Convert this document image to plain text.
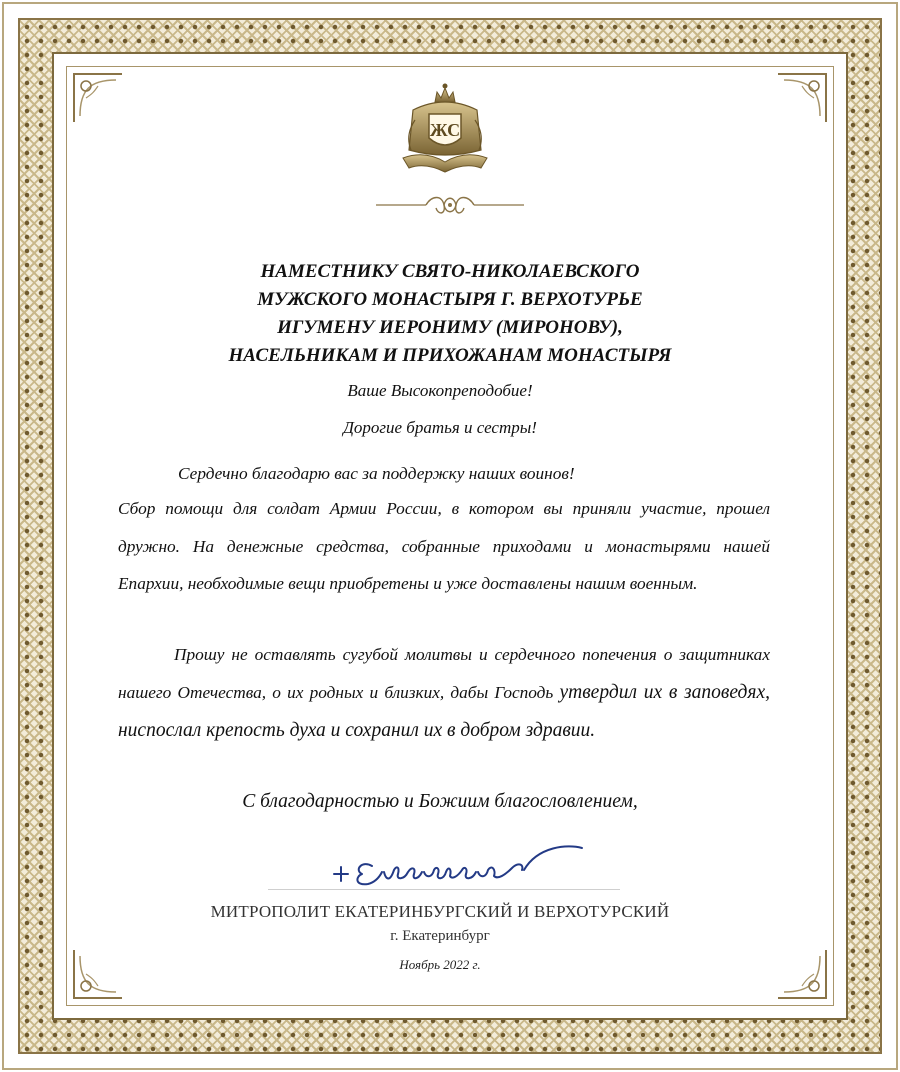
ЖС
НАМЕСТНИКУ СВЯТО-НИКОЛАЕВСКОГО
МУЖСКОГО МОНАСТЫРЯ Г. ВЕРХОТУРЬЕ
ИГУМЕНУ ИЕРОНИМУ (МИРОНОВУ),
НАСЕЛЬНИКАМ И ПРИХОЖАНАМ МОНАСТЫРЯ

Ваше Высокопреподобие!

Дорогие братья и сестры!

Сердечно благодарю вас за поддержку наших воинов!

Сбор помощи для солдат Армии России, в котором вы приняли участие, прошел дружно. На денежные средства, собранные приходами и монастырями нашей Епархии, необходимые вещи приобретены и уже доставлены нашим военным.

Прошу не оставлять сугубой молитвы и сердечного попечения о защитниках нашего Отечества, о их родных и близких, дабы Господь утвердил их в заповедях, ниспослал крепость духа и сохранил их в добром здравии.

С благодарностью и Божиим благословлением,

МИТРОПОЛИТ ЕКАТЕРИНБУРГСКИЙ И ВЕРХОТУРСКИЙ

г. Екатеринбург

Ноябрь 2022 г.
